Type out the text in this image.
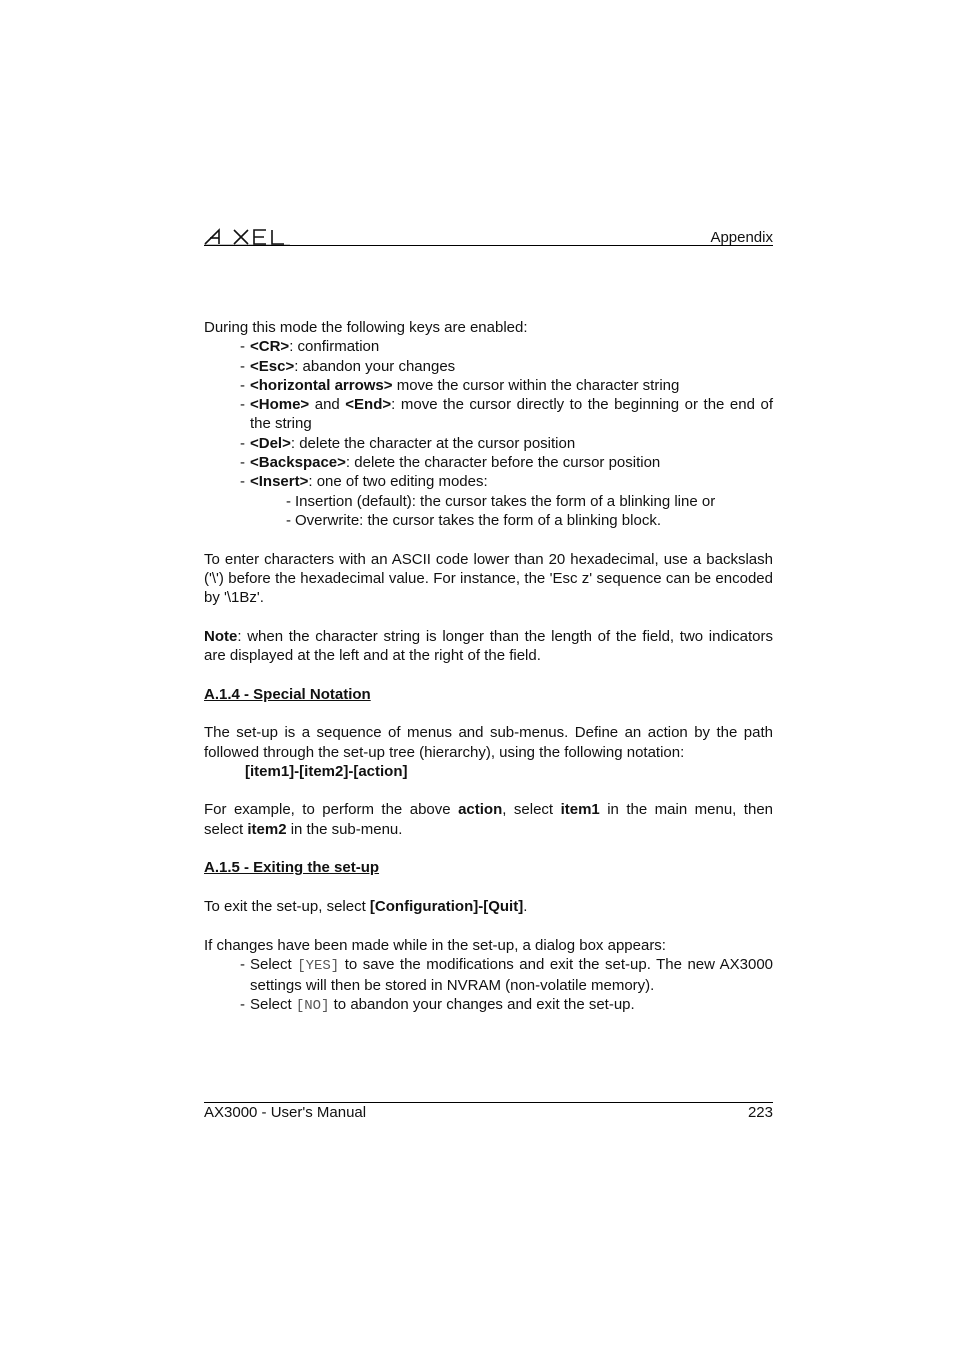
Appendix

During this mode the following keys are enabled:

- <CR>: confirmation
- <Esc>: abandon your changes
- <horizontal arrows> move the cursor within the character string
- <Home> and <End>: move the cursor directly to the beginning or the end of the string
- <Del>: delete the character at the cursor position
- <Backspace>: delete the character before the cursor position
- <Insert>: one of two editing modes:
- Insertion (default): the cursor takes the form of a blinking line or
- Overwrite: the cursor takes the form of a blinking block.

To enter characters with an ASCII code lower than 20 hexadecimal, use a backslash ('\') before the hexadecimal value. For instance, the 'Esc z' sequence can be encoded by '\1Bz'.

Note: when the character string is longer than the length of the field, two indicators are displayed at the left and at the right of the field.

A.1.4 - Special Notation

The set-up is a sequence of menus and sub-menus. Define an action by the path followed through the set-up tree (hierarchy), using the following notation:

[item1]-[item2]-[action]

For example, to perform the above action, select item1 in the main menu, then select item2 in the sub-menu.

A.1.5 - Exiting the set-up

To exit the set-up, select [Configuration]-[Quit].

If changes have been made while in the set-up, a dialog box appears:

- Select [YES] to save the modifications and exit the set-up. The new AX3000 settings will then be stored in NVRAM (non-volatile memory).
- Select [NO] to abandon your changes and exit the set-up.
AX3000 - User's Manual	223
